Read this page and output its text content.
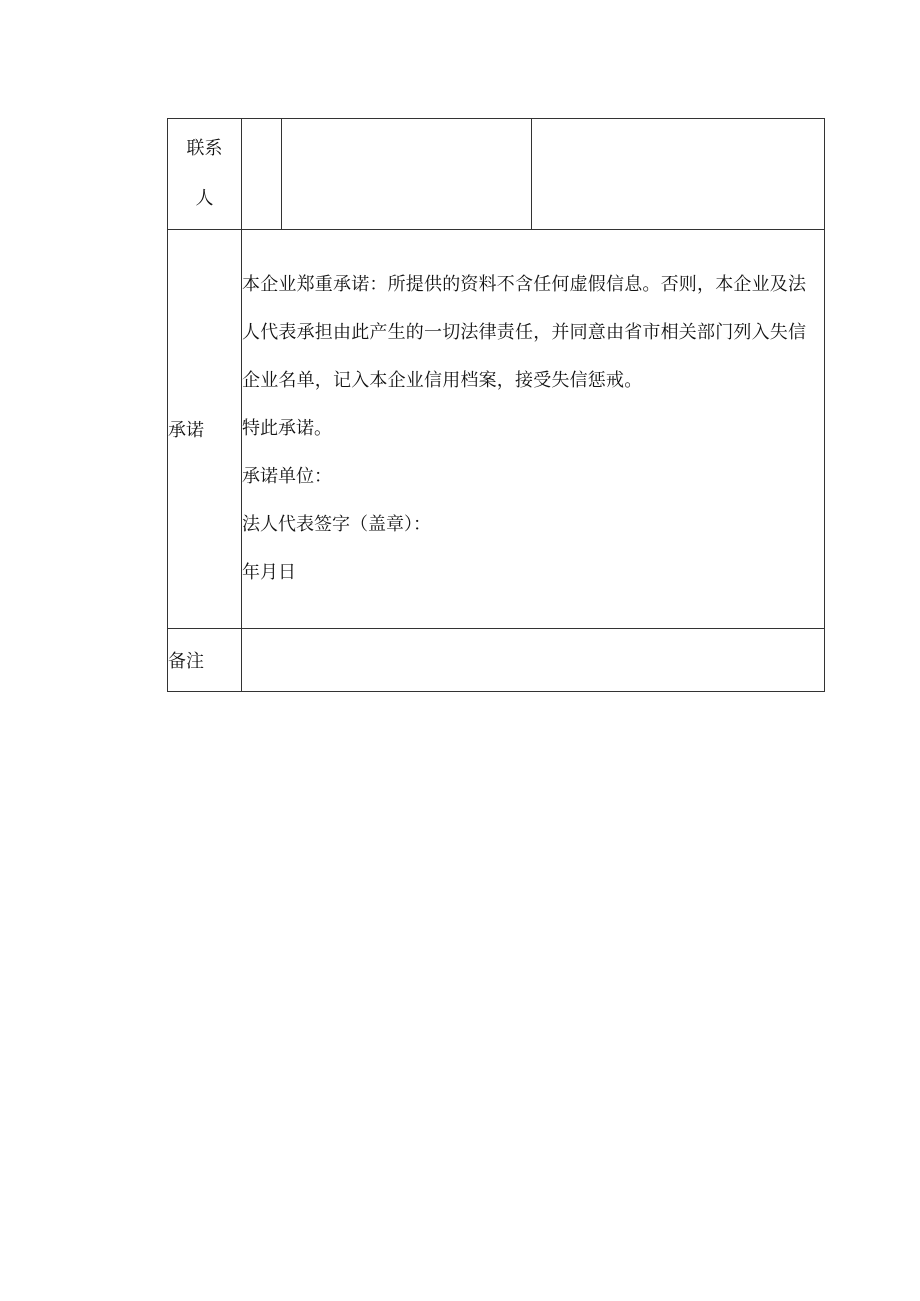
联系
人			

承诺	本企业郑重承诺：所提供的资料不含任何虚假信息。否则，本企业及法人代表承担由此产生的一切法律责任，并同意由省市相关部门列入失信企业名单，记入本企业信用档案，接受失信惩戒。

特此承诺。

承诺单位：

法人代表签字（盖章）：

年月日		

备注			
